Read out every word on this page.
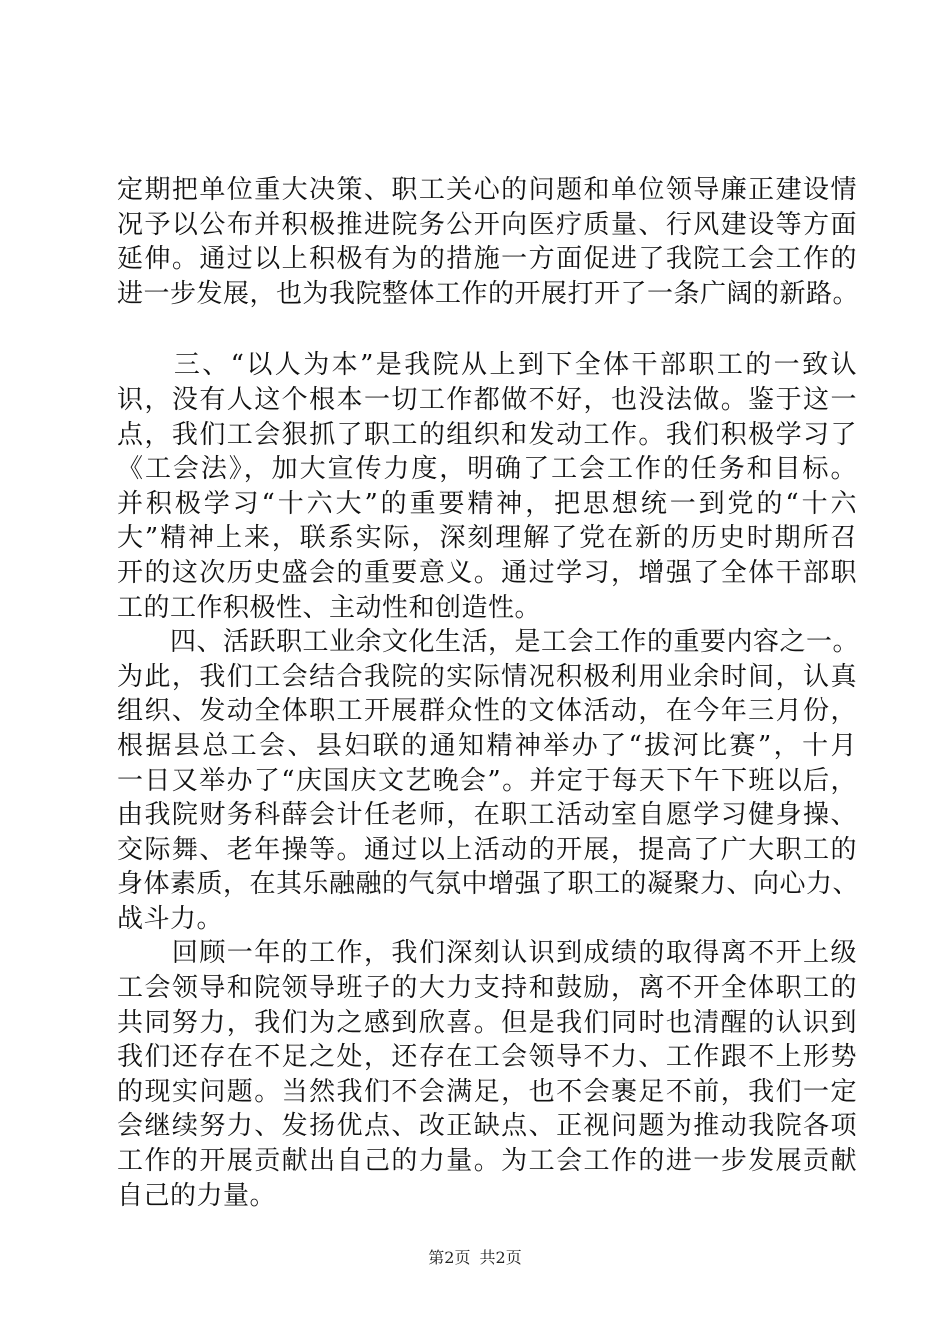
定期把单位重大决策、职工关心的问题和单位领导廉正建设情
况予以公布并积极推进院务公开向医疗质量、行风建设等方面
延伸。通过以上积极有为的措施一方面促进了我院工会工作的
进一步发展，也为我院整体工作的开展打开了一条广阔的新路。
　　三、“以人为本”是我院从上到下全体干部职工的一致认
识，没有人这个根本一切工作都做不好，也没法做。鉴于这一
点，我们工会狠抓了职工的组织和发动工作。我们积极学习了
《工会法》，加大宣传力度，明确了工会工作的任务和目标。
并积极学习“十六大”的重要精神，把思想统一到党的“十六
大”精神上来，联系实际，深刻理解了党在新的历史时期所召
开的这次历史盛会的重要意义。通过学习，增强了全体干部职
工的工作积极性、主动性和创造性。
　　四、活跃职工业余文化生活，是工会工作的重要内容之一。
为此，我们工会结合我院的实际情况积极利用业余时间，认真
组织、发动全体职工开展群众性的文体活动，在今年三月份，
根据县总工会、县妇联的通知精神举办了“拔河比赛”，十月
一日又举办了“庆国庆文艺晚会”。并定于每天下午下班以后，
由我院财务科薛会计任老师，在职工活动室自愿学习健身操、
交际舞、老年操等。通过以上活动的开展，提高了广大职工的
身体素质，在其乐融融的气氛中增强了职工的凝聚力、向心力、
战斗力。
　　回顾一年的工作，我们深刻认识到成绩的取得离不开上级
工会领导和院领导班子的大力支持和鼓励，离不开全体职工的
共同努力，我们为之感到欣喜。但是我们同时也清醒的认识到
我们还存在不足之处，还存在工会领导不力、工作跟不上形势
的现实问题。当然我们不会满足，也不会裹足不前，我们一定
会继续努力、发扬优点、改正缺点、正视问题为推动我院各项
工作的开展贡献出自己的力量。为工会工作的进一步发展贡献
自己的力量。
第2页 共2页
